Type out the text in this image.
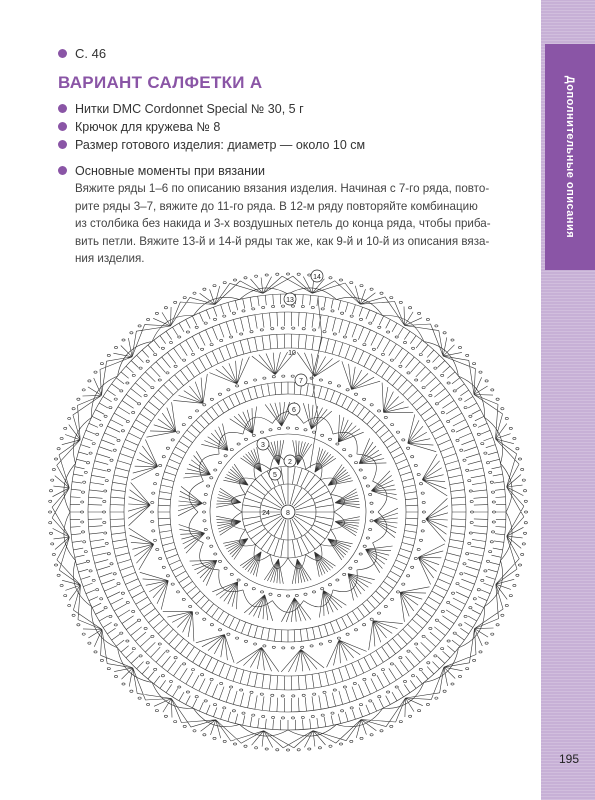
Дополнительные описания
С. 46
ВАРИАНТ САЛФЕТКИ А
Нитки DMC Cordonnet Special № 30, 5 г
Крючок для кружева № 8
Размер готового изделия: диаметр — около 10 см
Основные моменты при вязании
Вяжите ряды 1–6 по описанию вязания изделия. Начиная с 7-го ряда, повто-
рите ряды 3–7, вяжите до 11-го ряда. В 12-м ряду повторяйте комбинацию
из столбика без накида и 3-х воздушных петель до конца ряда, чтобы приба-
вить петли. Вяжите 13-й и 14-й ряды так же, как 9-й и 10-й из описания вяза-
ния изделия.
8
24
2
3
5
6
7
10
13
14
195
PassionForum.ru
